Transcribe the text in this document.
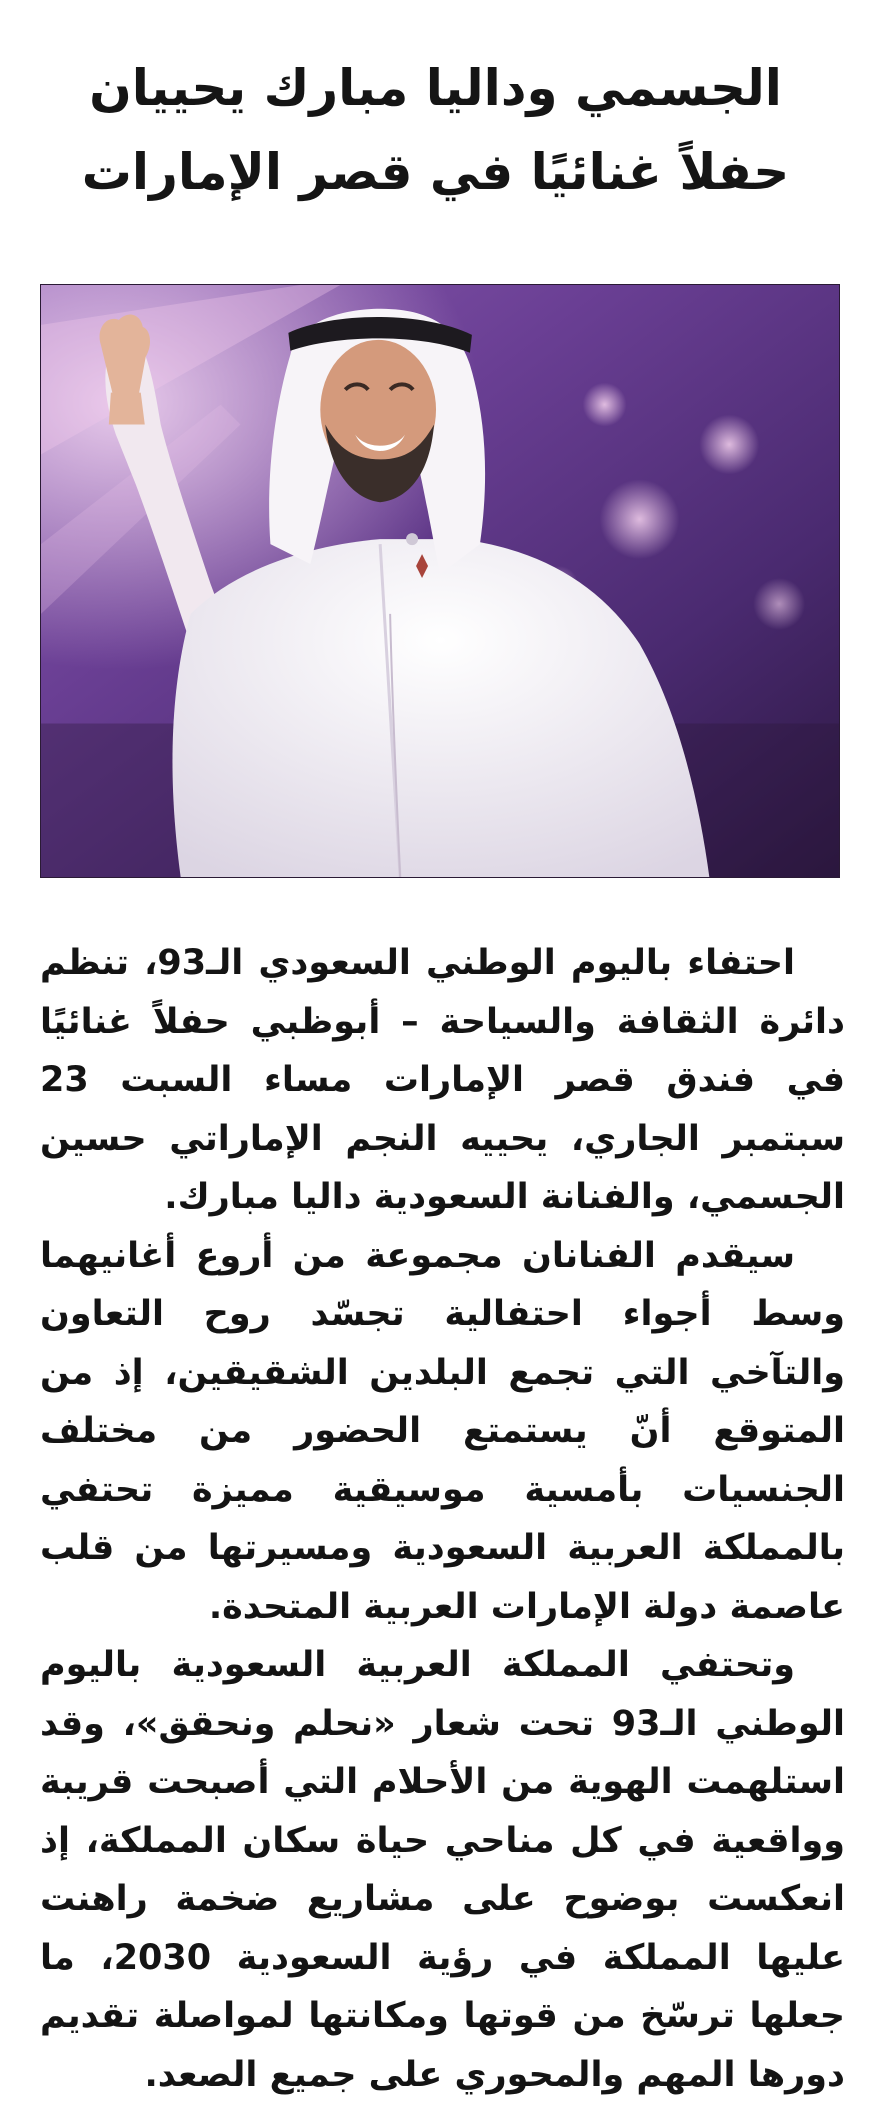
الجسمي وداليا مبارك يحييان
حفلاً غنائيًا في قصر الإمارات

احتفاء باليوم الوطني السعودي الـ93، تنظم دائرة الثقافة والسياحة – أبوظبي حفلاً غنائيًا في فندق قصر الإمارات مساء السبت 23 سبتمبر الجاري، يحييه النجم الإماراتي حسين الجسمي، والفنانة السعودية داليا مبارك.

سيقدم الفنانان مجموعة من أروع أغانيهما وسط أجواء احتفالية تجسّد روح التعاون والتآخي التي تجمع البلدين الشقيقين، إذ من المتوقع أنّ يستمتع الحضور من مختلف الجنسيات بأمسية موسيقية مميزة تحتفي بالمملكة العربية السعودية ومسيرتها من قلب عاصمة دولة الإمارات العربية المتحدة.

وتحتفي المملكة العربية السعودية باليوم الوطني الـ93 تحت شعار «نحلم ونحقق»، وقد استلهمت الهوية من الأحلام التي أصبحت قريبة وواقعية في كل مناحي حياة سكان المملكة، إذ انعكست بوضوح على مشاريع ضخمة راهنت عليها المملكة في رؤية السعودية 2030، ما جعلها ترسّخ من قوتها ومكانتها لمواصلة تقديم دورها المهم والمحوري على جميع الصعد.
